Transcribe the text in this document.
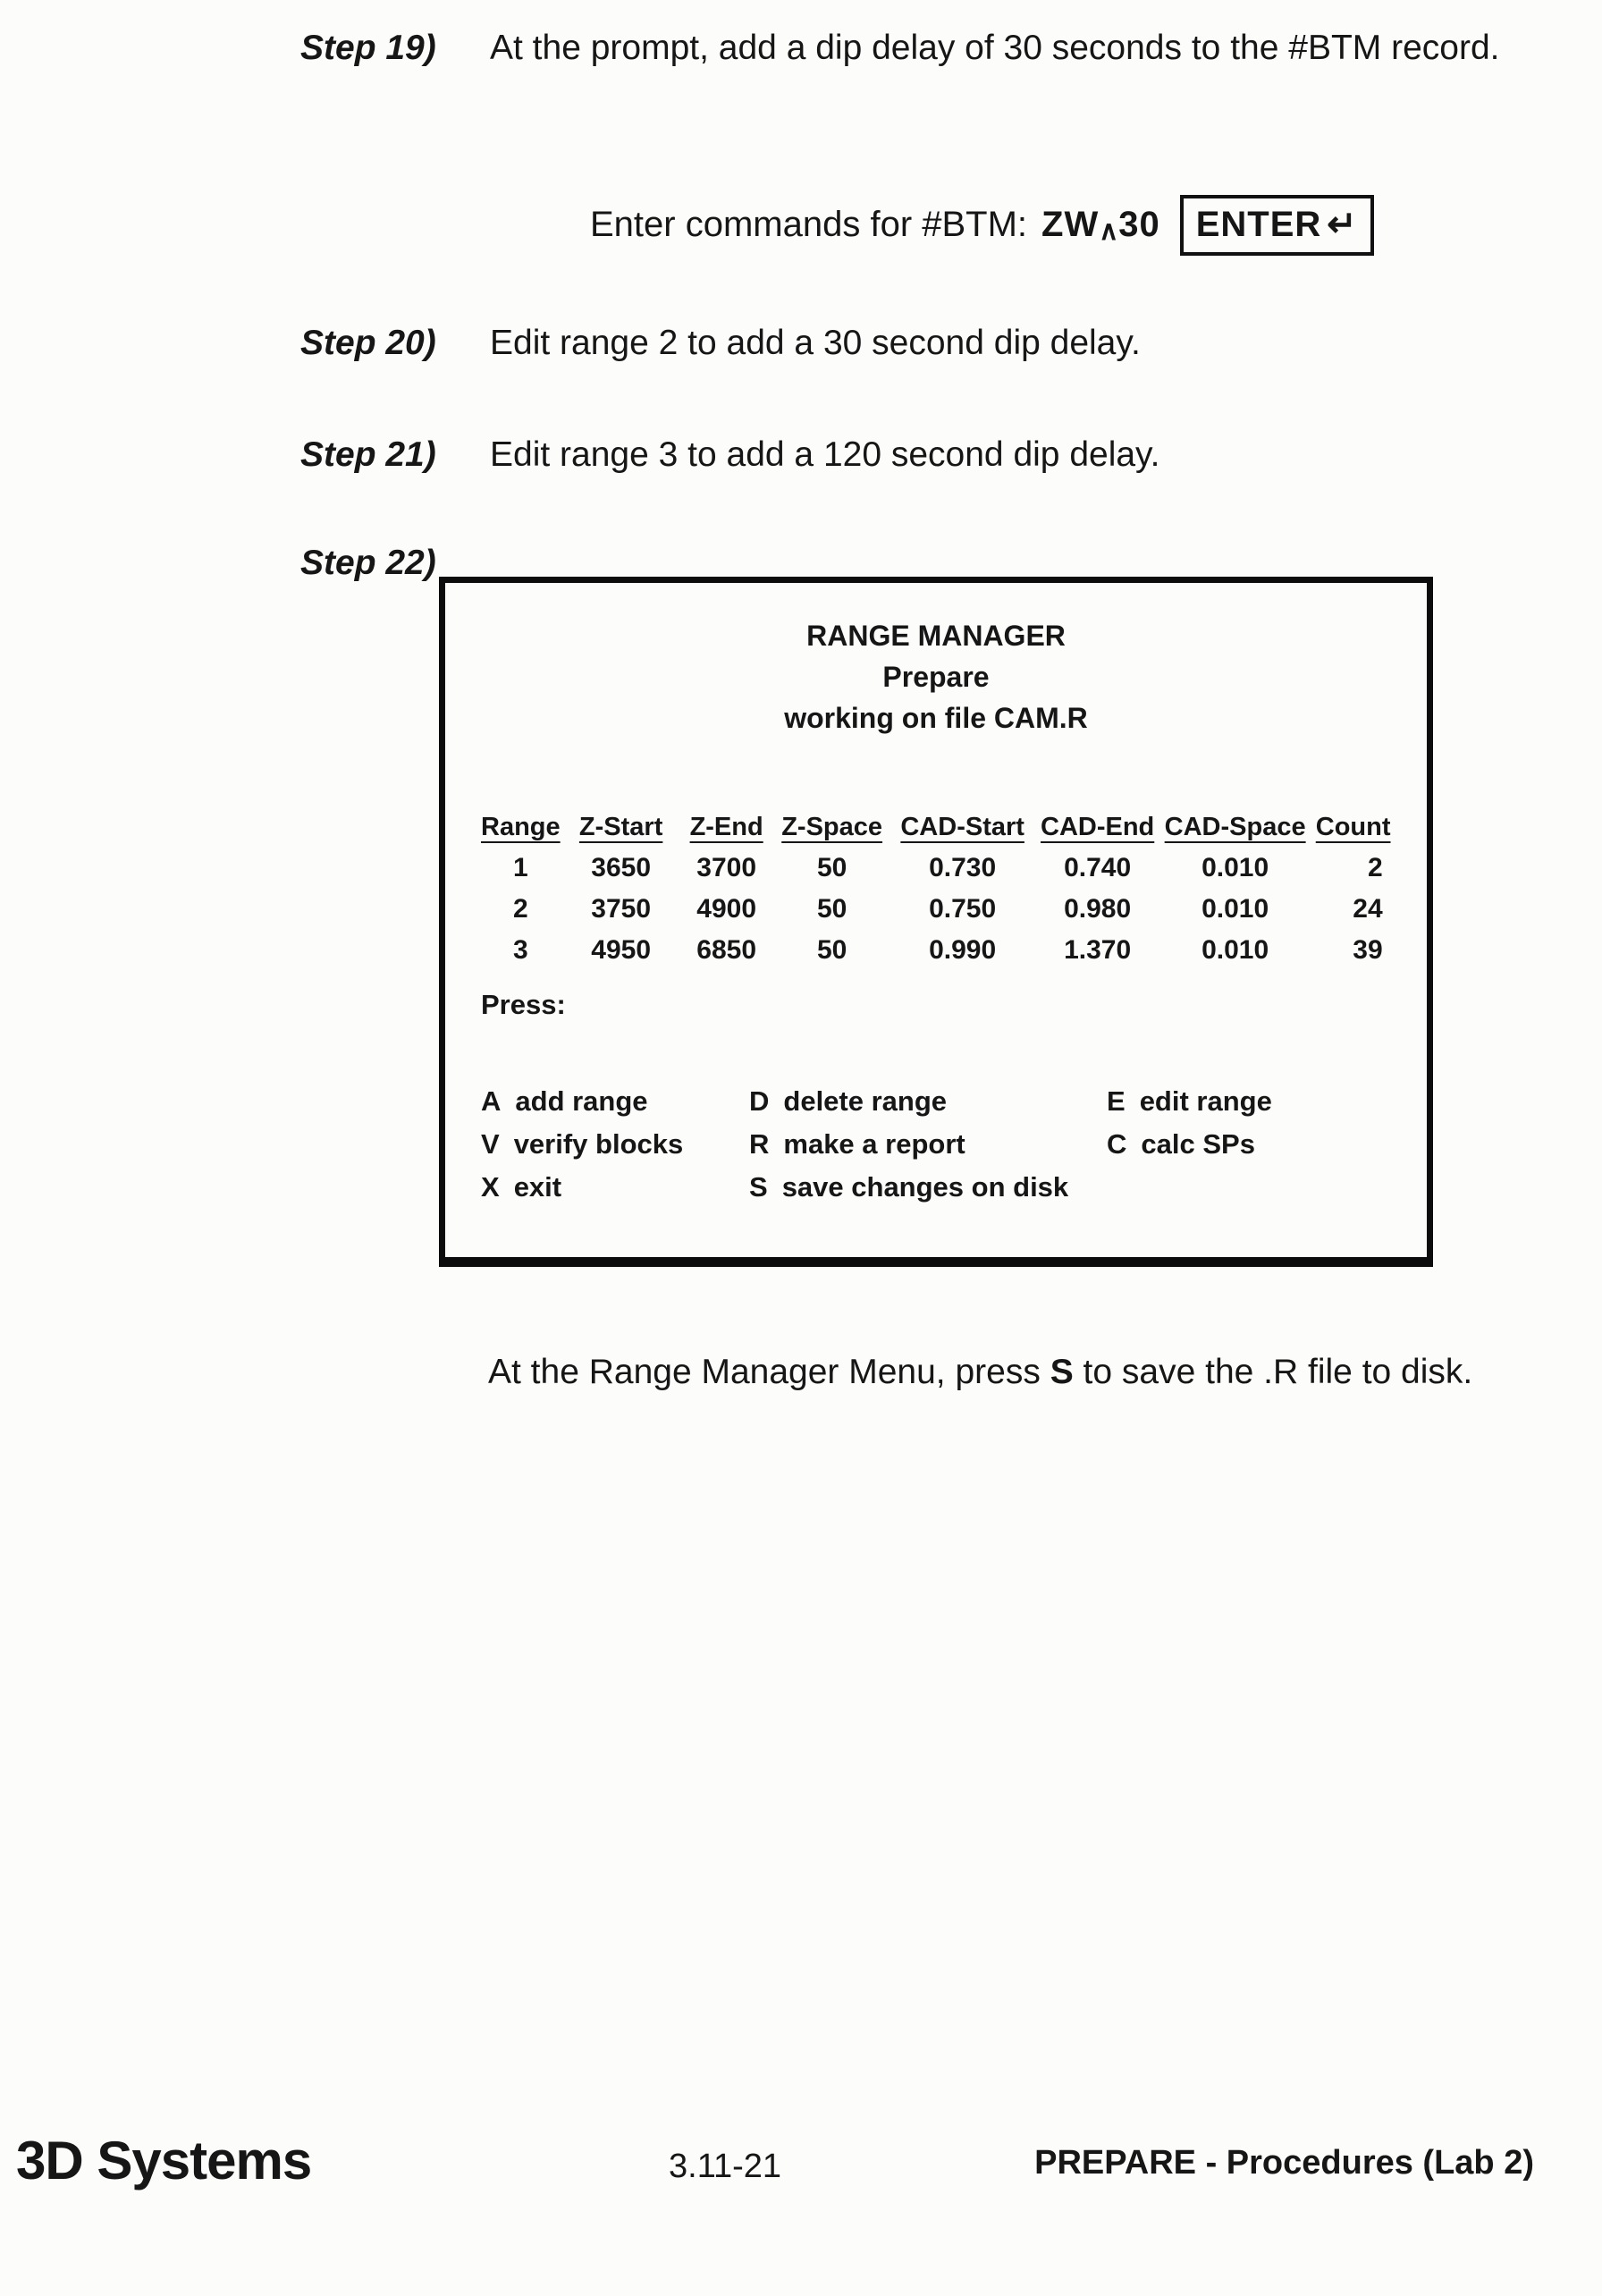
Step 19) At the prompt, add a dip delay of 30 seconds to the #BTM record.
Enter commands for #BTM: ZW∧30 ENTER ↵
Step 20) Edit range 2 to add a 30 second dip delay.
Step 21) Edit range 3 to add a 120 second dip delay.
Step 22)
RANGE MANAGER
Prepare
working on file CAM.R
Range	Z-Start	Z-End	Z-Space	CAD-Start	CAD-End	CAD-Space	Count
1	3650	3700	50	0.730	0.740	0.010	2
2	3750	4900	50	0.750	0.980	0.010	24
3	4950	6850	50	0.990	1.370	0.010	39
Press:
A add range	D delete range	E edit range
V verify blocks	R make a report	C calc SPs
X exit	S save changes on disk
At the Range Manager Menu, press S to save the .R file to disk.
3D Systems	3.11-21	PREPARE - Procedures (Lab 2)
